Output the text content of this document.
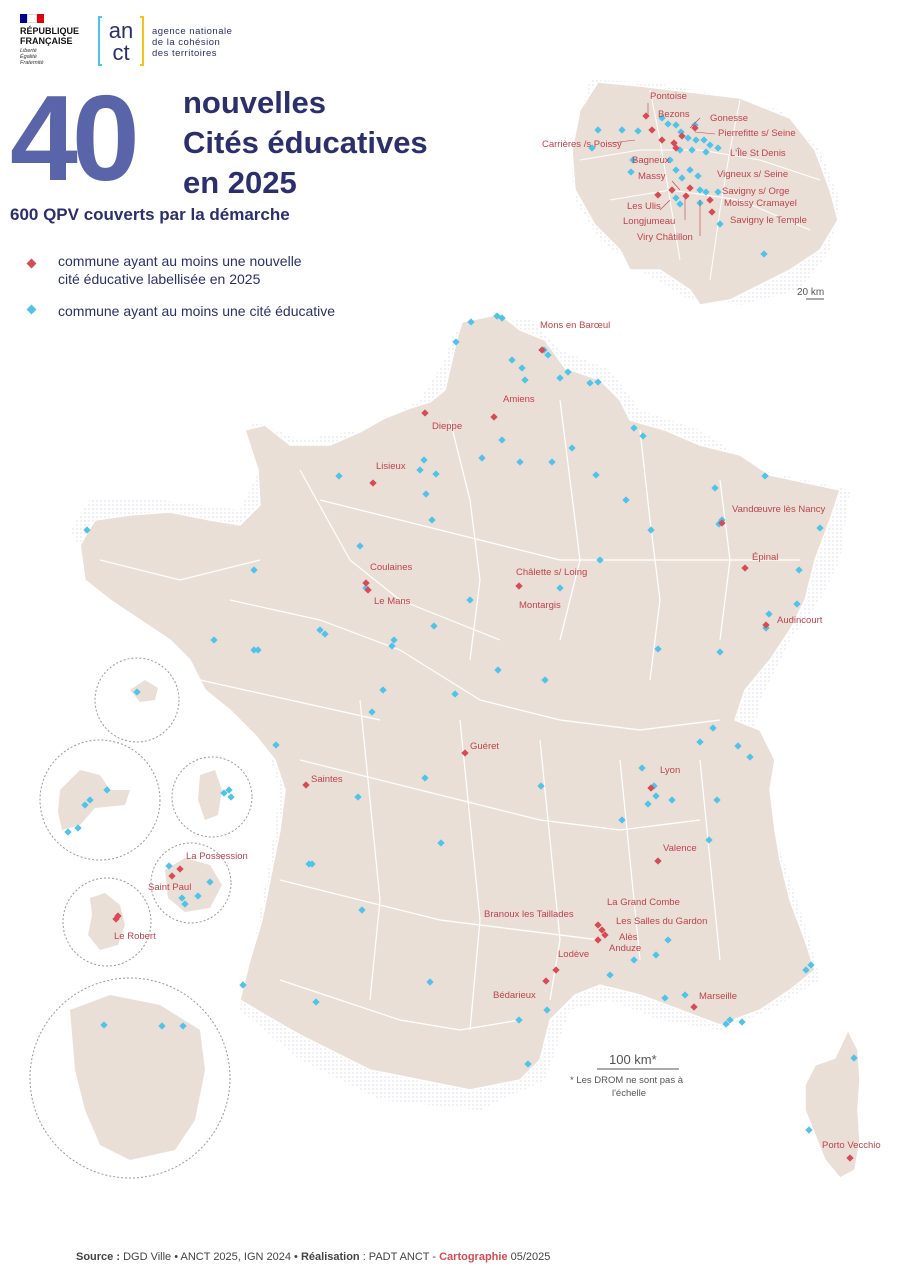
RÉPUBLIQUE
FRANÇAISE
Liberté
Égalité
Fraternité
an
ct
agence nationale
de la cohésion
des territoires
40 nouvelles
Cités éducatives
en 2025
600 QPV couverts par la démarche
commune ayant au moins une nouvelle
cité éducative labellisée en 2025
commune ayant au moins une cité éducative
Mons en Barœul
Amiens
Dieppe
Lisieux
Vandœuvre lès Nancy
Épinal
Coulaines
Le Mans
Châlette s/ Loing
Montargis
Audincourt
Guéret
Saintes
Lyon
Valence
La Grand Combe
Les Salles du Gardon
Branoux les Taillades
Alès
Anduze
Lodève
Bédarieux	Marseille
Porto Vecchio
Pontoise
Bezons Gonesse
Pierrefitte s/ Seine
Carrières /s Poissy
L'Île St Denis
Bagneux
Massy	Vigneux s/ Seine
Savigny s/ Orge
Les Ulis	Moissy Cramayel
Longjumeau	Savigny le Temple
Viry Châtillon
La Possession
Saint Paul
Le Robert
20 km
100 km*
* Les DROM ne sont pas à
l'échelle
Source : DGD Ville • ANCT 2025, IGN 2024 • Réalisation : PADT ANCT - Cartographie 05/2025
